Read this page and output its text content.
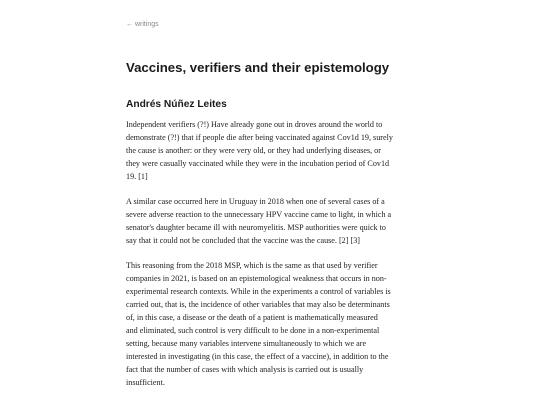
← writings
Vaccines, verifiers and their epistemology
Andrés Núñez Leites

Independent verifiers (?!) Have already gone out in droves around the world to
demonstrate (?!) that if people die after being vaccinated against Cov1d 19, surely
the cause is another: or they were very old, or they had underlying diseases, or
they were casually vaccinated while they were in the incubation period of Cov1d
19. [1]

A similar case occurred here in Uruguay in 2018 when one of several cases of a
severe adverse reaction to the unnecessary HPV vaccine came to light, in which a
senator's daughter became ill with neuromyelitis. MSP authorities were quick to
say that it could not be concluded that the vaccine was the cause. [2] [3]

This reasoning from the 2018 MSP, which is the same as that used by verifier
companies in 2021, is based on an epistemological weakness that occurs in non-
experimental research contexts. While in the experiments a control of variables is
carried out, that is, the incidence of other variables that may also be determinants
of, in this case, a disease or the death of a patient is mathematically measured
and eliminated, such control is very difficult to be done in a non-experimental
setting, because many variables intervene simultaneously to which we are
interested in investigating (in this case, the effect of a vaccine), in addition to the
fact that the number of cases with which analysis is carried out is usually
insufficient.
